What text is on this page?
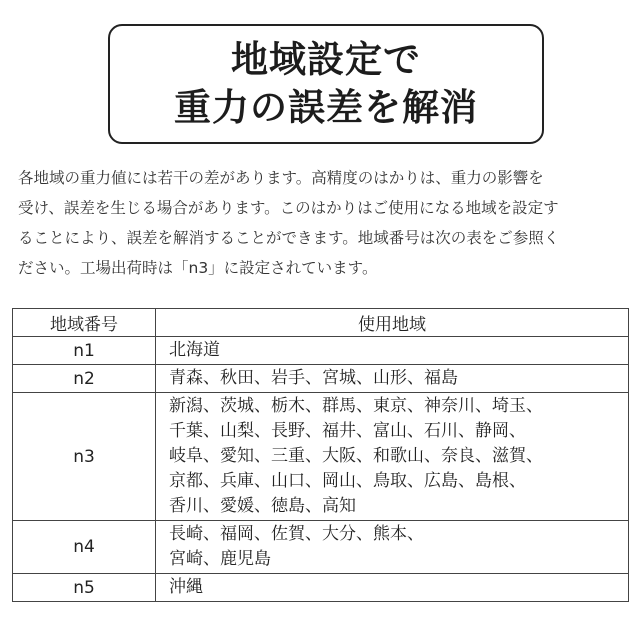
地域設定で
重力の誤差を解消

各地域の重力値には若干の差があります。高精度のはかりは、重力の影響を
受け、誤差を生じる場合があります。このはかりはご使用になる地域を設定す
ることにより、誤差を解消することができます。地域番号は次の表をご参照く
ださい。工場出荷時は「n3」に設定されています。

地域番号	使用地域
n1	北海道

n2	青森、秋田、岩手、宮城、山形、福島

n3	新潟、茨城、栃木、群馬、東京、神奈川、埼玉、
千葉、山梨、長野、福井、富山、石川、静岡、
岐阜、愛知、三重、大阪、和歌山、奈良、滋賀、
京都、兵庫、山口、岡山、鳥取、広島、島根、
香川、愛媛、徳島、高知

n4	長崎、福岡、佐賀、大分、熊本、
宮崎、鹿児島

n5	沖縄
